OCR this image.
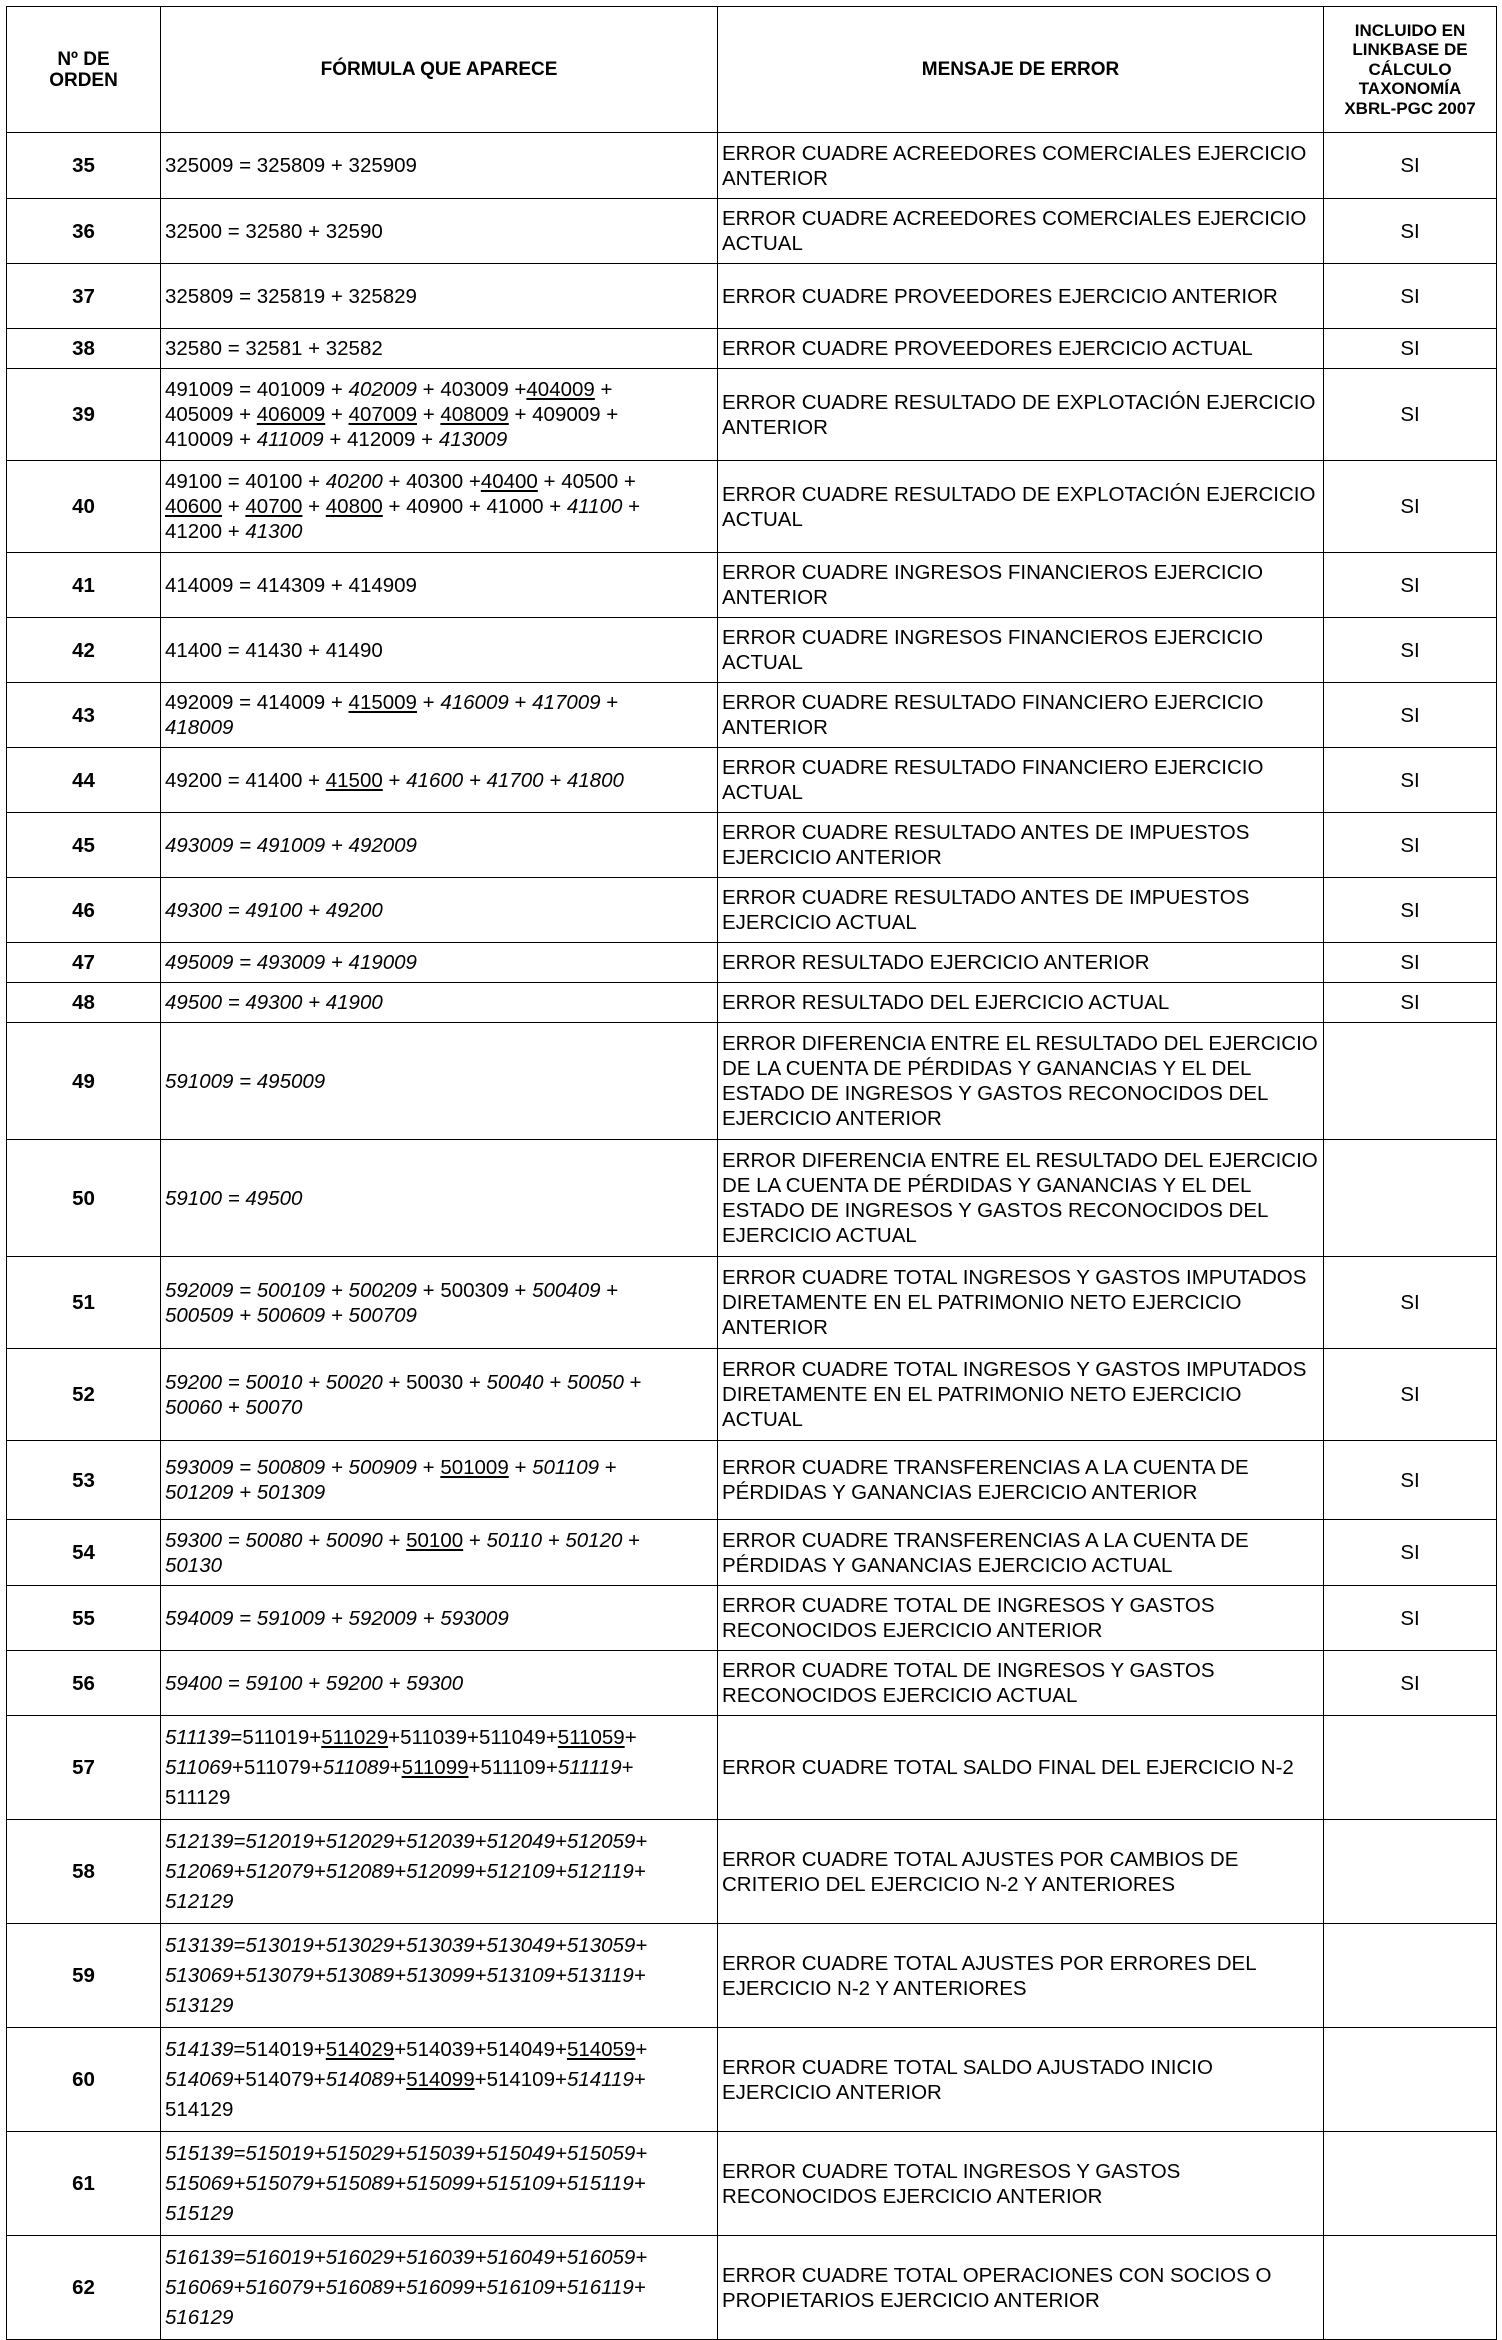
Nº DE ORDEN	FÓRMULA QUE APARECE	MENSAJE DE ERROR	INCLUIDO EN
LINKBASE DE
CÁLCULO
TAXONOMÍA
XBRL-PGC 2007
35	325009 = 325809 + 325909	ERROR CUADRE ACREEDORES COMERCIALES EJERCICIO ANTERIOR	SI
36	32500 = 32580 + 32590	ERROR CUADRE ACREEDORES COMERCIALES EJERCICIO ACTUAL	SI
37	325809 = 325819 + 325829	ERROR CUADRE PROVEEDORES EJERCICIO ANTERIOR	SI
38	32580 = 32581 + 32582	ERROR CUADRE PROVEEDORES EJERCICIO ACTUAL	SI
39	491009 = 401009 + 402009 + 403009 +404009 +
405009 + 406009 + 407009 + 408009 + 409009 +
410009 + 411009 + 412009 + 413009	ERROR CUADRE RESULTADO DE EXPLOTACIÓN EJERCICIO ANTERIOR	SI
40	49100 = 40100 + 40200 + 40300 +40400 + 40500 +
40600 + 40700 + 40800 + 40900 + 41000 + 41100 +
41200 + 41300	ERROR CUADRE RESULTADO DE EXPLOTACIÓN EJERCICIO ACTUAL	SI
41	414009 = 414309 + 414909	ERROR CUADRE INGRESOS FINANCIEROS EJERCICIO ANTERIOR	SI
42	41400 = 41430 + 41490	ERROR CUADRE INGRESOS FINANCIEROS EJERCICIO ACTUAL	SI
43	492009 = 414009 + 415009 + 416009 + 417009 +
418009	ERROR CUADRE RESULTADO FINANCIERO EJERCICIO ANTERIOR	SI
44	49200 = 41400 + 41500 + 41600 + 41700 + 41800	ERROR CUADRE RESULTADO FINANCIERO EJERCICIO ACTUAL	SI
45	493009 = 491009 + 492009	ERROR CUADRE RESULTADO ANTES DE IMPUESTOS EJERCICIO ANTERIOR	SI
46	49300 = 49100 + 49200	ERROR CUADRE RESULTADO ANTES DE IMPUESTOS EJERCICIO ACTUAL	SI
47	495009 = 493009 + 419009	ERROR RESULTADO EJERCICIO ANTERIOR	SI
48	49500 = 49300 + 41900	ERROR RESULTADO DEL EJERCICIO ACTUAL	SI
49	591009 = 495009	ERROR DIFERENCIA ENTRE EL RESULTADO DEL EJERCICIO DE LA CUENTA DE PÉRDIDAS Y GANANCIAS Y EL DEL ESTADO DE INGRESOS Y GASTOS RECONOCIDOS DEL EJERCICIO ANTERIOR	
50	59100 = 49500	ERROR DIFERENCIA ENTRE EL RESULTADO DEL EJERCICIO DE LA CUENTA DE PÉRDIDAS Y GANANCIAS Y EL DEL ESTADO DE INGRESOS Y GASTOS RECONOCIDOS DEL EJERCICIO ACTUAL	
51	592009 = 500109 + 500209 + 500309 + 500409 +
500509 + 500609 + 500709	ERROR CUADRE TOTAL INGRESOS Y GASTOS IMPUTADOS DIRETAMENTE EN EL PATRIMONIO NETO EJERCICIO ANTERIOR	SI
52	59200 = 50010 + 50020 + 50030 + 50040 + 50050 +
50060 + 50070	ERROR CUADRE TOTAL INGRESOS Y GASTOS IMPUTADOS DIRETAMENTE EN EL PATRIMONIO NETO EJERCICIO ACTUAL	SI
53	593009 = 500809 + 500909 + 501009 + 501109 +
501209 + 501309	ERROR CUADRE TRANSFERENCIAS A LA CUENTA DE PÉRDIDAS Y GANANCIAS EJERCICIO ANTERIOR	SI
54	59300 = 50080 + 50090 + 50100 + 50110 + 50120 +
50130	ERROR CUADRE TRANSFERENCIAS A LA CUENTA DE PÉRDIDAS Y GANANCIAS EJERCICIO ACTUAL	SI
55	594009 = 591009 + 592009 + 593009	ERROR CUADRE TOTAL DE INGRESOS Y GASTOS RECONOCIDOS EJERCICIO ANTERIOR	SI
56	59400 = 59100 + 59200 + 59300	ERROR CUADRE TOTAL DE INGRESOS Y GASTOS RECONOCIDOS EJERCICIO ACTUAL	SI
57	511139=511019+511029+511039+511049+511059+
511069+511079+511089+511099+511109+511119+
511129	ERROR CUADRE TOTAL SALDO FINAL DEL EJERCICIO N-2	
58	512139=512019+512029+512039+512049+512059+
512069+512079+512089+512099+512109+512119+
512129	ERROR CUADRE TOTAL AJUSTES POR CAMBIOS DE CRITERIO DEL EJERCICIO N-2 Y ANTERIORES	
59	513139=513019+513029+513039+513049+513059+
513069+513079+513089+513099+513109+513119+
513129	ERROR CUADRE TOTAL AJUSTES POR ERRORES DEL EJERCICIO N-2 Y ANTERIORES	
60	514139=514019+514029+514039+514049+514059+
514069+514079+514089+514099+514109+514119+
514129	ERROR CUADRE TOTAL SALDO AJUSTADO INICIO EJERCICIO ANTERIOR	
61	515139=515019+515029+515039+515049+515059+
515069+515079+515089+515099+515109+515119+
515129	ERROR CUADRE TOTAL INGRESOS Y GASTOS RECONOCIDOS EJERCICIO ANTERIOR	
62	516139=516019+516029+516039+516049+516059+
516069+516079+516089+516099+516109+516119+
516129	ERROR CUADRE TOTAL OPERACIONES CON SOCIOS O PROPIETARIOS EJERCICIO ANTERIOR	
